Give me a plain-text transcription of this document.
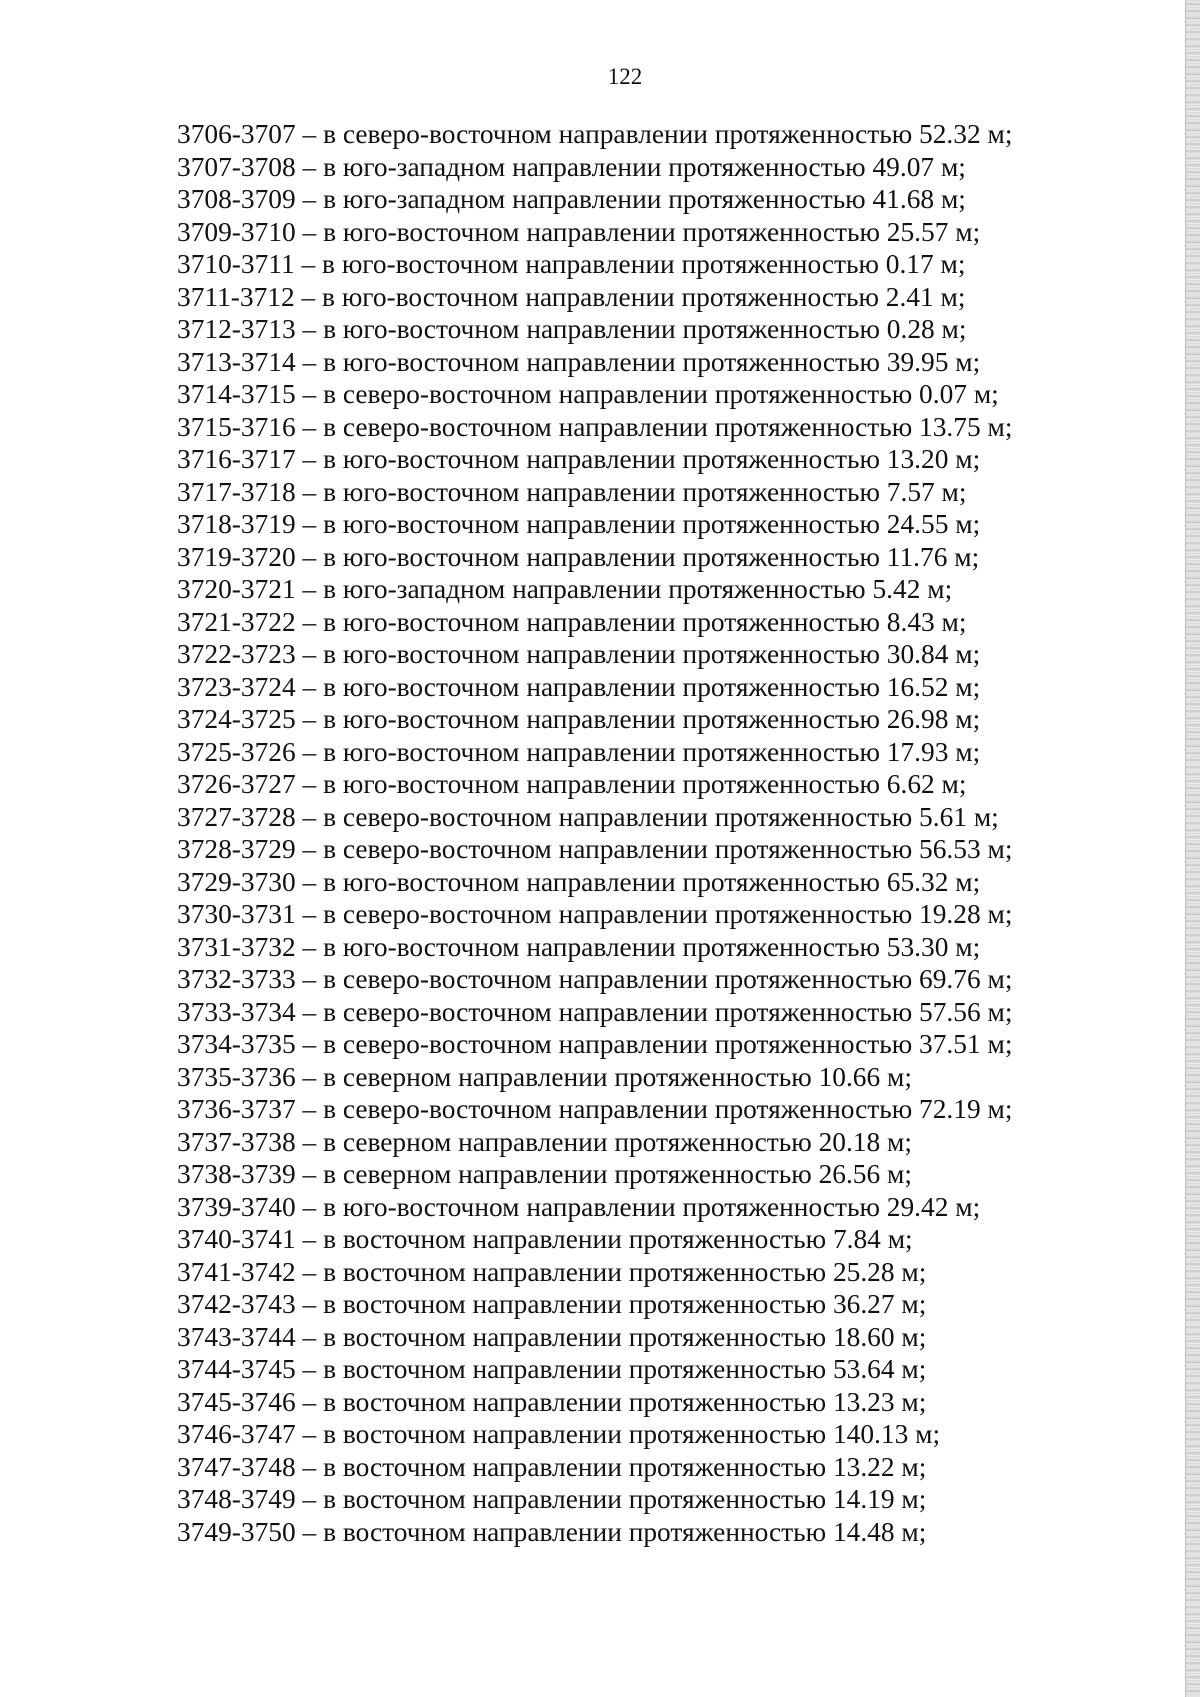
122
3706-3707 – в северо-восточном направлении протяженностью 52.32 м;
3707-3708 – в юго-западном направлении протяженностью 49.07 м;
3708-3709 – в юго-западном направлении протяженностью 41.68 м;
3709-3710 – в юго-восточном направлении протяженностью 25.57 м;
3710-3711 – в юго-восточном направлении протяженностью 0.17 м;
3711-3712 – в юго-восточном направлении протяженностью 2.41 м;
3712-3713 – в юго-восточном направлении протяженностью 0.28 м;
3713-3714 – в юго-восточном направлении протяженностью 39.95 м;
3714-3715 – в северо-восточном направлении протяженностью 0.07 м;
3715-3716 – в северо-восточном направлении протяженностью 13.75 м;
3716-3717 – в юго-восточном направлении протяженностью 13.20 м;
3717-3718 – в юго-восточном направлении протяженностью 7.57 м;
3718-3719 – в юго-восточном направлении протяженностью 24.55 м;
3719-3720 – в юго-восточном направлении протяженностью 11.76 м;
3720-3721 – в юго-западном направлении протяженностью 5.42 м;
3721-3722 – в юго-восточном направлении протяженностью 8.43 м;
3722-3723 – в юго-восточном направлении протяженностью 30.84 м;
3723-3724 – в юго-восточном направлении протяженностью 16.52 м;
3724-3725 – в юго-восточном направлении протяженностью 26.98 м;
3725-3726 – в юго-восточном направлении протяженностью 17.93 м;
3726-3727 – в юго-восточном направлении протяженностью 6.62 м;
3727-3728 – в северо-восточном направлении протяженностью 5.61 м;
3728-3729 – в северо-восточном направлении протяженностью 56.53 м;
3729-3730 – в юго-восточном направлении протяженностью 65.32 м;
3730-3731 – в северо-восточном направлении протяженностью 19.28 м;
3731-3732 – в юго-восточном направлении протяженностью 53.30 м;
3732-3733 – в северо-восточном направлении протяженностью 69.76 м;
3733-3734 – в северо-восточном направлении протяженностью 57.56 м;
3734-3735 – в северо-восточном направлении протяженностью 37.51 м;
3735-3736 – в северном направлении протяженностью 10.66 м;
3736-3737 – в северо-восточном направлении протяженностью 72.19 м;
3737-3738 – в северном направлении протяженностью 20.18 м;
3738-3739 – в северном направлении протяженностью 26.56 м;
3739-3740 – в юго-восточном направлении протяженностью 29.42 м;
3740-3741 – в восточном направлении протяженностью 7.84 м;
3741-3742 – в восточном направлении протяженностью 25.28 м;
3742-3743 – в восточном направлении протяженностью 36.27 м;
3743-3744 – в восточном направлении протяженностью 18.60 м;
3744-3745 – в восточном направлении протяженностью 53.64 м;
3745-3746 – в восточном направлении протяженностью 13.23 м;
3746-3747 – в восточном направлении протяженностью 140.13 м;
3747-3748 – в восточном направлении протяженностью 13.22 м;
3748-3749 – в восточном направлении протяженностью 14.19 м;
3749-3750 – в восточном направлении протяженностью 14.48 м;
